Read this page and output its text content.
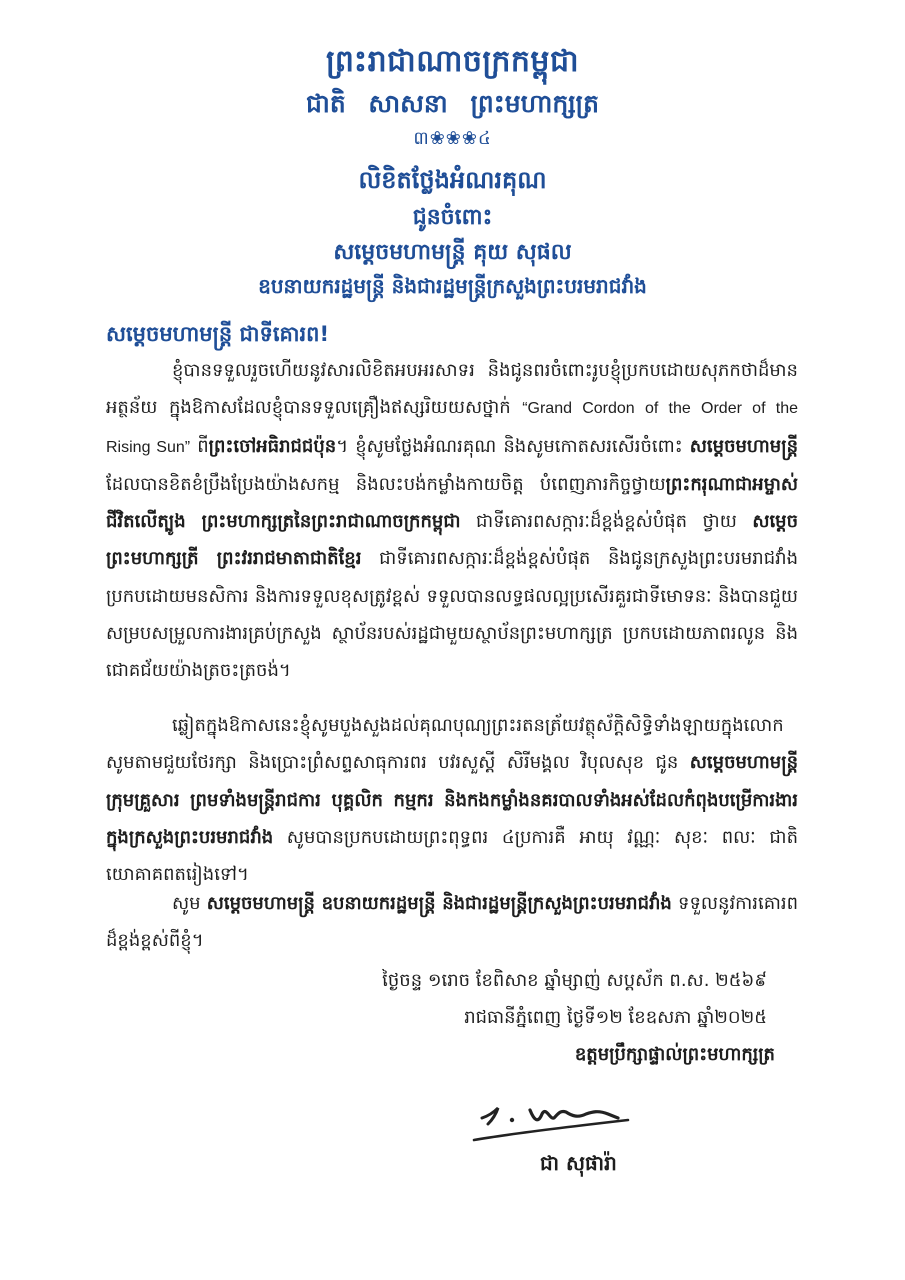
ព្រះរាជាណាចក្រកម្ពុជា
ជាតិ សាសនា ព្រះមហាក្សត្រ
៣❀❀❀៤
លិខិតថ្លែងអំណរគុណ
ជូនចំពោះ
សម្តេចមហាមន្ត្រី គុយ សុផល
ឧបនាយករដ្ឋមន្ត្រី និងជារដ្ឋមន្ត្រីក្រសួងព្រះបរមរាជវាំង
សម្តេចមហាមន្ត្រី ជាទីគោរព!
ខ្ញុំបានទទួលរួចហើយនូវសារលិខិតអបអរសាទរ និងជូនពរចំពោះរូបខ្ញុំប្រកបដោយសុភកថាដ៏មានអត្ថន័យ ក្នុងឱកាសដែលខ្ញុំបានទទួលគ្រឿងឥស្សរិយយសថ្នាក់ “Grand Cordon of the Order of the Rising Sun” ពីព្រះចៅអធិរាជជប៉ុន។ ខ្ញុំសូមថ្លែងអំណរគុណ និងសូមកោតសរសើរចំពោះ សម្តេចមហាមន្ត្រី ដែលបានខិតខំប្រឹងប្រែងយ៉ាងសកម្ម និងលះបង់កម្លាំងកាយចិត្ត បំពេញភារកិច្ចថ្វាយព្រះករុណាជាអម្ចាស់ជីវិតលើត្បូង ព្រះមហាក្សត្រនៃព្រះរាជាណាចក្រកម្ពុជា ជាទីគោរពសក្ការៈដ៏ខ្ពង់ខ្ពស់បំផុត ថ្វាយ សម្តេចព្រះមហាក្សត្រី ព្រះវររាជមាតាជាតិខ្មែរ ជាទីគោរពសក្ការៈដ៏ខ្ពង់ខ្ពស់បំផុត និងជូនក្រសួងព្រះបរមរាជវាំងប្រកបដោយមនសិការ និងការទទួលខុសត្រូវខ្ពស់ ទទួលបានលទ្ធផលល្អប្រសើរគួរជាទីមោទនៈ និងបានជួយសម្របសម្រួលការងារគ្រប់ក្រសួង ស្ថាប័នរបស់រដ្ឋជាមួយស្ថាប័នព្រះមហាក្សត្រ ប្រកបដោយភាពរលូន និងជោគជ័យយ៉ាងត្រចះត្រចង់។
ឆ្លៀតក្នុងឱកាសនេះខ្ញុំសូមបួងសួងដល់គុណបុណ្យព្រះរតនត្រ័យវត្ថុស័ក្តិសិទ្ធិទាំងឡាយក្នុងលោក សូមតាមជួយថែរក្សា និងប្រោះព្រំសព្ទសាធុការពរ បវរសួស្តី សិរីមង្គល វិបុលសុខ ជូន សម្តេចមហាមន្ត្រី ក្រុមគ្រួសារ ព្រមទាំងមន្ត្រីរាជការ បុគ្គលិក កម្មករ និងកងកម្លាំងនគរបាលទាំងអស់ដែលកំពុងបម្រើការងារក្នុងក្រសួងព្រះបរមរាជវាំង សូមបានប្រកបដោយព្រះពុទ្ធពរ ៤ប្រការគឺ អាយុ វណ្ណៈ សុខៈ ពលៈ ជាតិយោគាគពតរៀងទៅ។
សូម សម្តេចមហាមន្ត្រី ឧបនាយករដ្ឋមន្ត្រី និងជារដ្ឋមន្ត្រីក្រសួងព្រះបរមរាជវាំង ទទួលនូវការគោរពដ៏ខ្ពង់ខ្ពស់ពីខ្ញុំ។
ថ្ងៃចន្ទ ១រោច ខែពិសាខ ឆ្នាំម្សាញ់ សប្តស័ក ព.ស. ២៥៦៩
រាជធានីភ្នំពេញ ថ្ងៃទី១២ ខែឧសភា ឆ្នាំ២០២៥
ឧត្តមប្រឹក្សាផ្ទាល់ព្រះមហាក្សត្រ
ជា សុផារ៉ា
